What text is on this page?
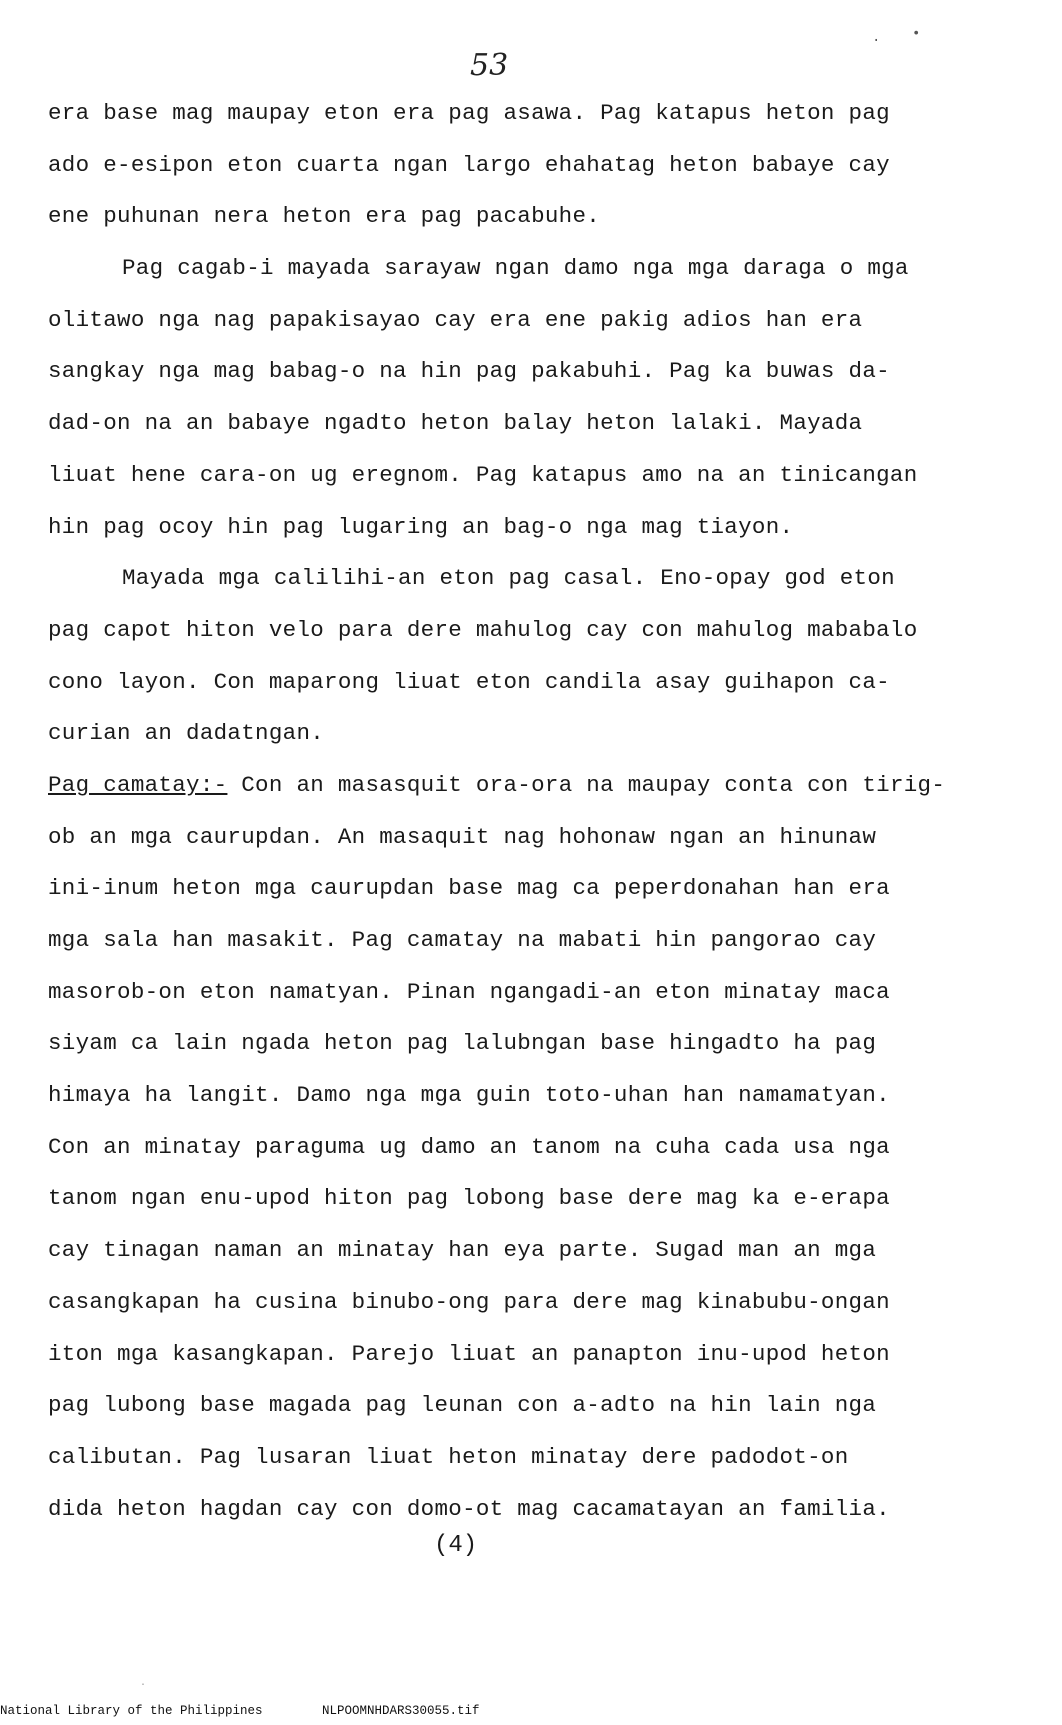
53
. •
era base mag maupay eton era pag asawa. Pag katapus heton pag
ado e-esipon eton cuarta ngan largo ehahatag heton babaye cay
ene puhunan nera heton era pag pacabuhe.
Pag cagab-i mayada sarayaw ngan damo nga mga daraga o mga
olitawo nga nag papakisayao cay era ene pakig adios han era
sangkay nga mag babag-o na hin pag pakabuhi. Pag ka buwas da-
dad-on na an babaye ngadto heton balay heton lalaki. Mayada
liuat hene cara-on ug eregnom. Pag katapus amo na an tinicangan
hin pag ocoy hin pag lugaring an bag-o nga mag tiayon.
Mayada mga calilihi-an eton pag casal. Eno-opay god eton
pag capot hiton velo para dere mahulog cay con mahulog mababalo
cono layon. Con maparong liuat eton candila asay guihapon ca-
curian an dadatngan.
Pag camatay:- Con an masasquit ora-ora na maupay conta con tirig-
ob an mga caurupdan. An masaquit nag hohonaw ngan an hinunaw
ini-inum heton mga caurupdan base mag ca peperdonahan han era
mga sala han masakit. Pag camatay na mabati hin pangorao cay
masorob-on eton namatyan. Pinan ngangadi-an eton minatay maca
siyam ca lain ngada heton pag lalubngan base hingadto ha pag
himaya ha langit. Damo nga mga guin toto-uhan han namamatyan.
Con an minatay paraguma ug damo an tanom na cuha cada usa nga
tanom ngan enu-upod hiton pag lobong base dere mag ka e-erapa
cay tinagan naman an minatay han eya parte. Sugad man an mga
casangkapan ha cusina binubo-ong para dere mag kinabubu-ongan
iton mga kasangkapan. Parejo liuat an panapton inu-upod heton
pag lubong base magada pag leunan con a-adto na hin lain nga
calibutan. Pag lusaran liuat heton minatay dere padodot-on
dida heton hagdan cay con domo-ot mag cacamatayan an familia.
(4)
·
National Library of the Philippines	NLPOOMNHDARS30055.tif
